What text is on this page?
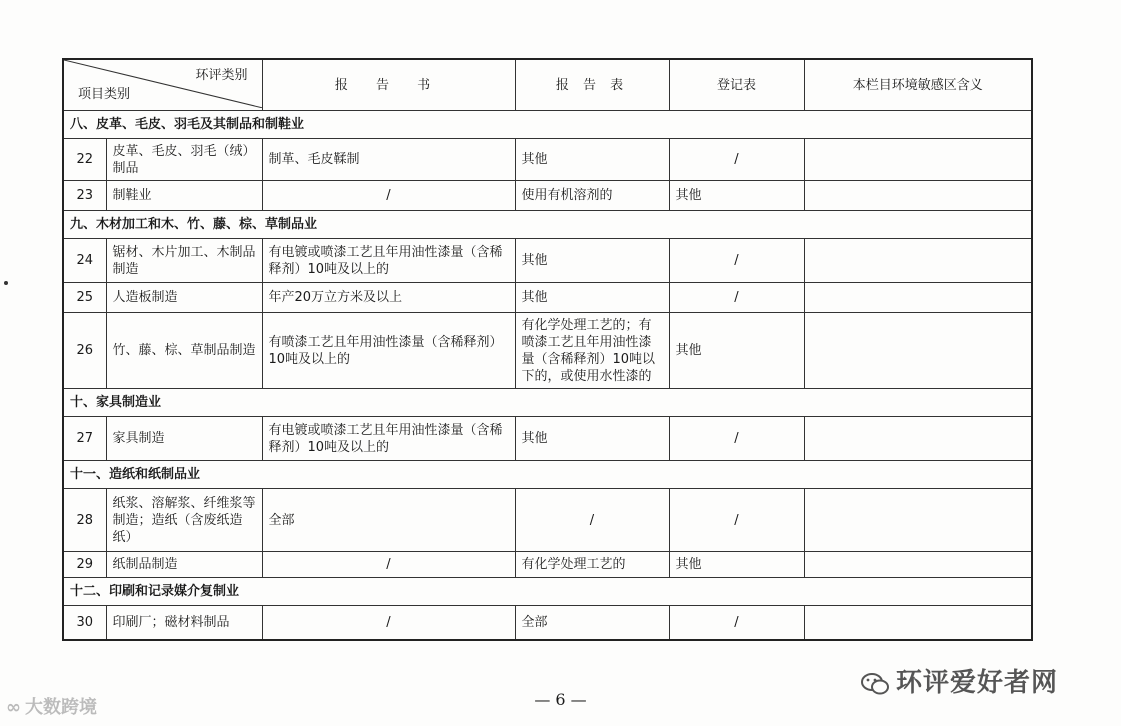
环评类别
项目类别		报 告 书	报 告 表	登记表	本栏目环境敏感区含义
八、皮革、毛皮、羽毛及其制品和制鞋业					
22	皮革、毛皮、羽毛（绒）制品	制革、毛皮鞣制	其他	/	
23	制鞋业	/	使用有机溶剂的	其他	
九、木材加工和木、竹、藤、棕、草制品业					
24	锯材、木片加工、木制品制造	有电镀或喷漆工艺且年用油性漆量（含稀释剂）10吨及以上的	其他	/	
25	人造板制造	年产20万立方米及以上	其他	/	
26	竹、藤、棕、草制品制造	有喷漆工艺且年用油性漆量（含稀释剂）10吨及以上的	有化学处理工艺的；有喷漆工艺且年用油性漆量（含稀释剂）10吨以下的，或使用水性漆的	其他	
十、家具制造业					
27	家具制造	有电镀或喷漆工艺且年用油性漆量（含稀释剂）10吨及以上的	其他	/	
十一、造纸和纸制品业					
28	纸浆、溶解浆、纤维浆等制造；造纸（含废纸造纸）	全部	/	/	
29	纸制品制造	/	有化学处理工艺的	其他	
十二、印刷和记录媒介复制业					
30	印刷厂；磁材料制品	/	全部	/	
— 6 —
∞ 大数跨境
环评爱好者网
